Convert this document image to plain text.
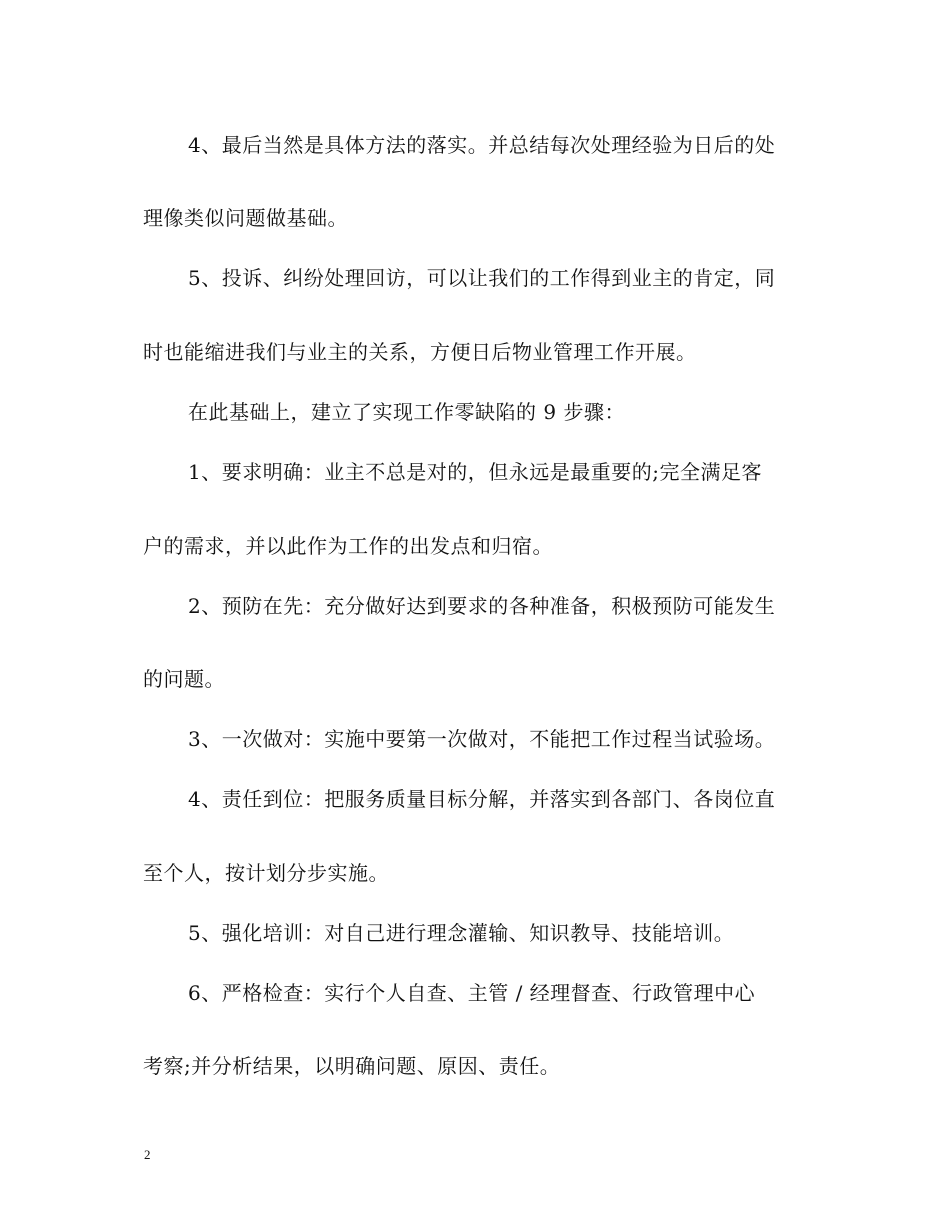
4、最后当然是具体方法的落实。并总结每次处理经验为日后的处
理像类似问题做基础。
5、投诉、纠纷处理回访，可以让我们的工作得到业主的肯定，同
时也能缩进我们与业主的关系，方便日后物业管理工作开展。
在此基础上，建立了实现工作零缺陷的 9 步骤：
1、要求明确：业主不总是对的，但永远是最重要的;完全满足客
户的需求，并以此作为工作的出发点和归宿。
2、预防在先：充分做好达到要求的各种准备，积极预防可能发生
的问题。
3、一次做对：实施中要第一次做对，不能把工作过程当试验场。
4、责任到位：把服务质量目标分解，并落实到各部门、各岗位直
至个人，按计划分步实施。
5、强化培训：对自己进行理念灌输、知识教导、技能培训。
6、严格检查：实行个人自查、主管 / 经理督查、行政管理中心
考察;并分析结果，以明确问题、原因、责任。
2
